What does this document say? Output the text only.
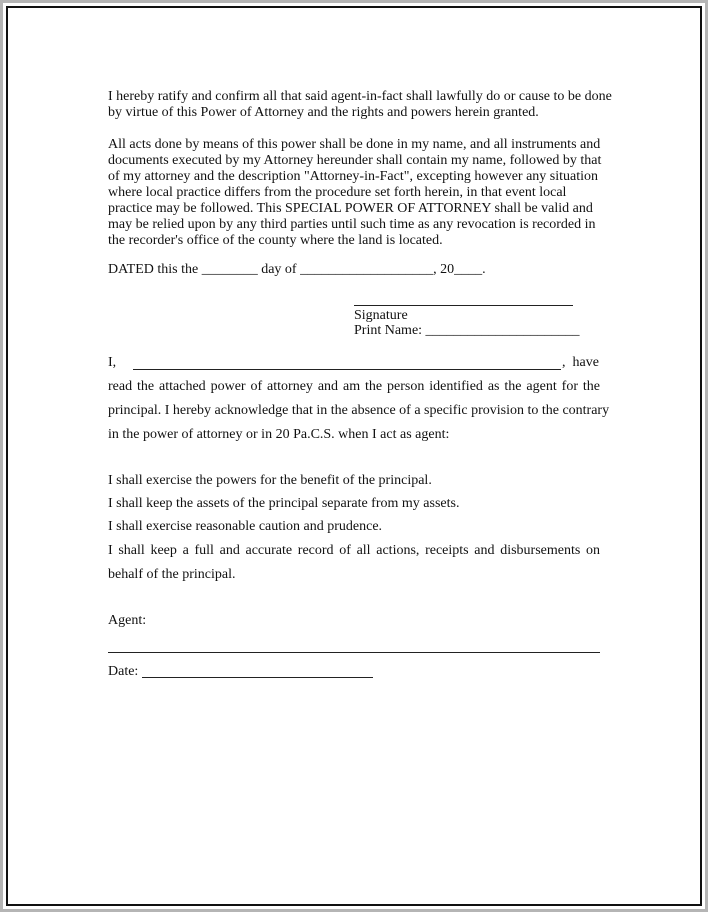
I hereby ratify and confirm all that said agent-in-fact shall lawfully do or cause to be done
by virtue of this Power of Attorney and the rights and powers herein granted.
All acts done by means of this power shall be done in my name, and all instruments and
documents executed by my Attorney hereunder shall contain my name, followed by that
of my attorney and the description "Attorney-in-Fact", excepting however any situation
where local practice differs from the procedure set forth herein, in that event local
practice may be followed. This SPECIAL POWER OF ATTORNEY shall be valid and
may be relied upon by any third parties until such time as any revocation is recorded in
the recorder's office of the county where the land is located.
DATED this the ________ day of ___________________, 20____.
Signature
Print Name: ______________________
I,	,  have
read the attached power of attorney and am the person identified as the agent for the
principal. I hereby acknowledge that in the absence of a specific provision to the contrary
in the power of attorney or in 20 Pa.C.S. when I act as agent:
I shall exercise the powers for the benefit of the principal.
I shall keep the assets of the principal separate from my assets.
I shall exercise reasonable caution and prudence.
I shall keep a full and accurate record of all actions, receipts and disbursements on
behalf of the principal.
Agent:
Date:
